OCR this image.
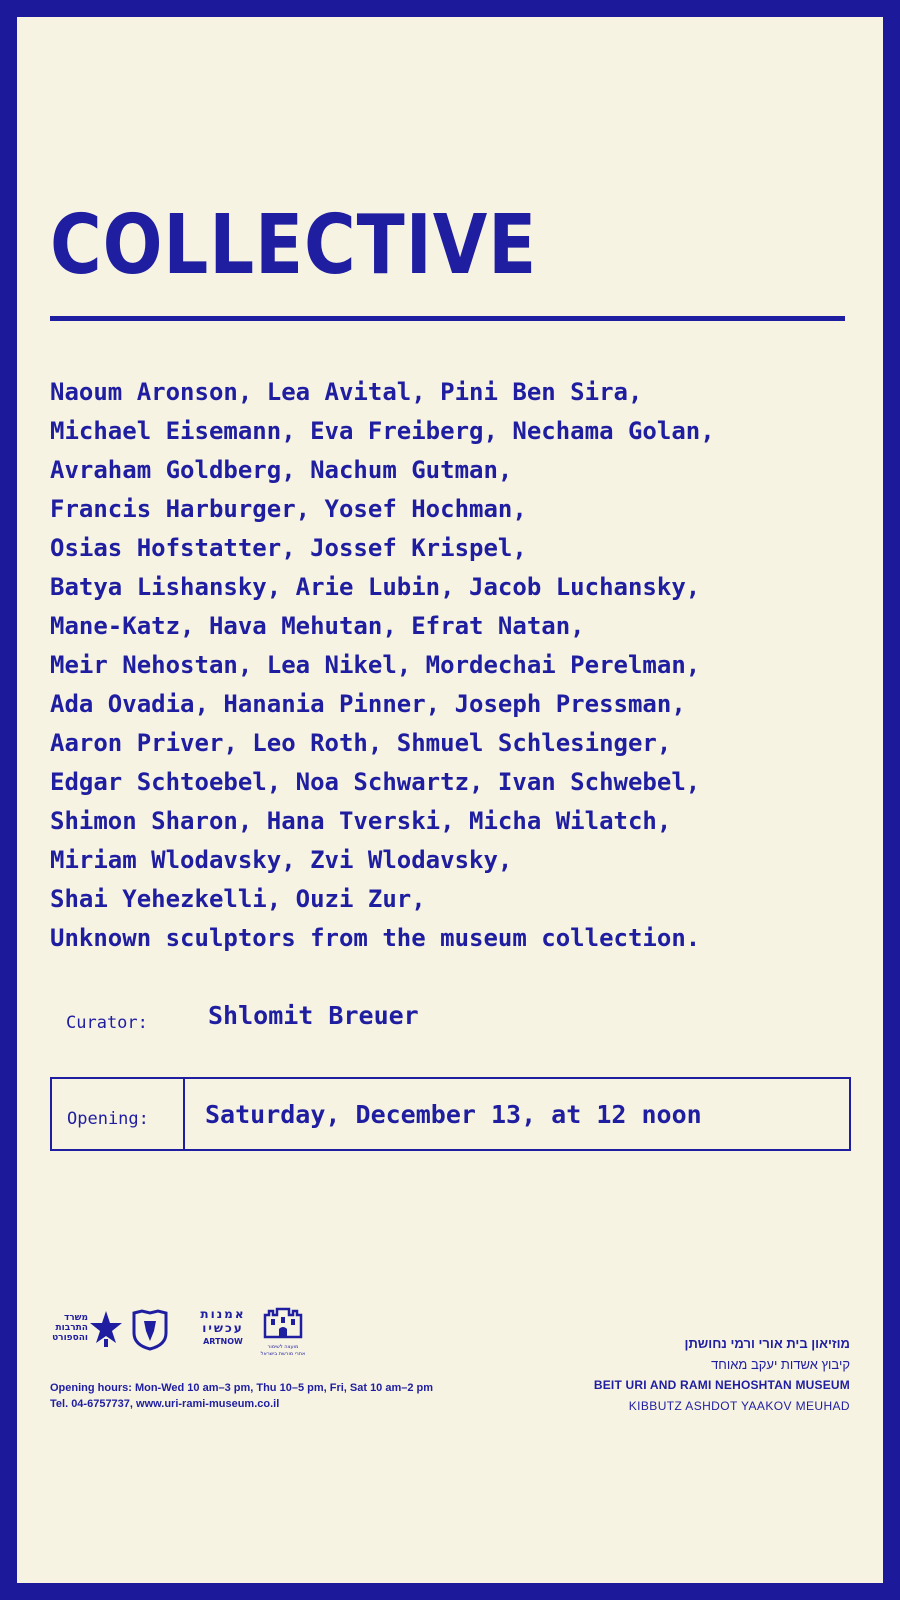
COLLECTIVE
Naoum Aronson, Lea Avital, Pini Ben Sira,
Michael Eisemann, Eva Freiberg, Nechama Golan,
Avraham Goldberg, Nachum Gutman,
Francis Harburger, Yosef Hochman,
Osias Hofstatter, Jossef Krispel,
Batya Lishansky, Arie Lubin, Jacob Luchansky,
Mane-Katz, Hava Mehutan, Efrat Natan,
Meir Nehostan, Lea Nikel, Mordechai Perelman,
Ada Ovadia, Hanania Pinner, Joseph Pressman,
Aaron Priver, Leo Roth, Shmuel Schlesinger,
Edgar Schtoebel, Noa Schwartz, Ivan Schwebel,
Shimon Sharon, Hana Tverski, Micha Wilatch,
Miriam Wlodavsky, Zvi Wlodavsky,
Shai Yehezkelli, Ouzi Zur,
Unknown sculptors from the museum collection.
Curator: Shlomit Breuer
Opening: Saturday, December 13, at 12 noon
משרד
התרבות
והספורט
אמנות
עכשיו
ARTNOW
מועצה לשימור
אתרי מורשת בישראל
Opening hours: Mon-Wed 10 am–3 pm, Thu 10–5 pm, Fri, Sat 10 am–2 pm
Tel. 04-6757737, www.uri-rami-museum.co.il
מוזיאון בית אורי ורמי נחושתן
קיבוץ אשדות יעקב מאוחד
BEIT URI AND RAMI NEHOSHTAN MUSEUM
KIBBUTZ ASHDOT YAAKOV MEUHAD
